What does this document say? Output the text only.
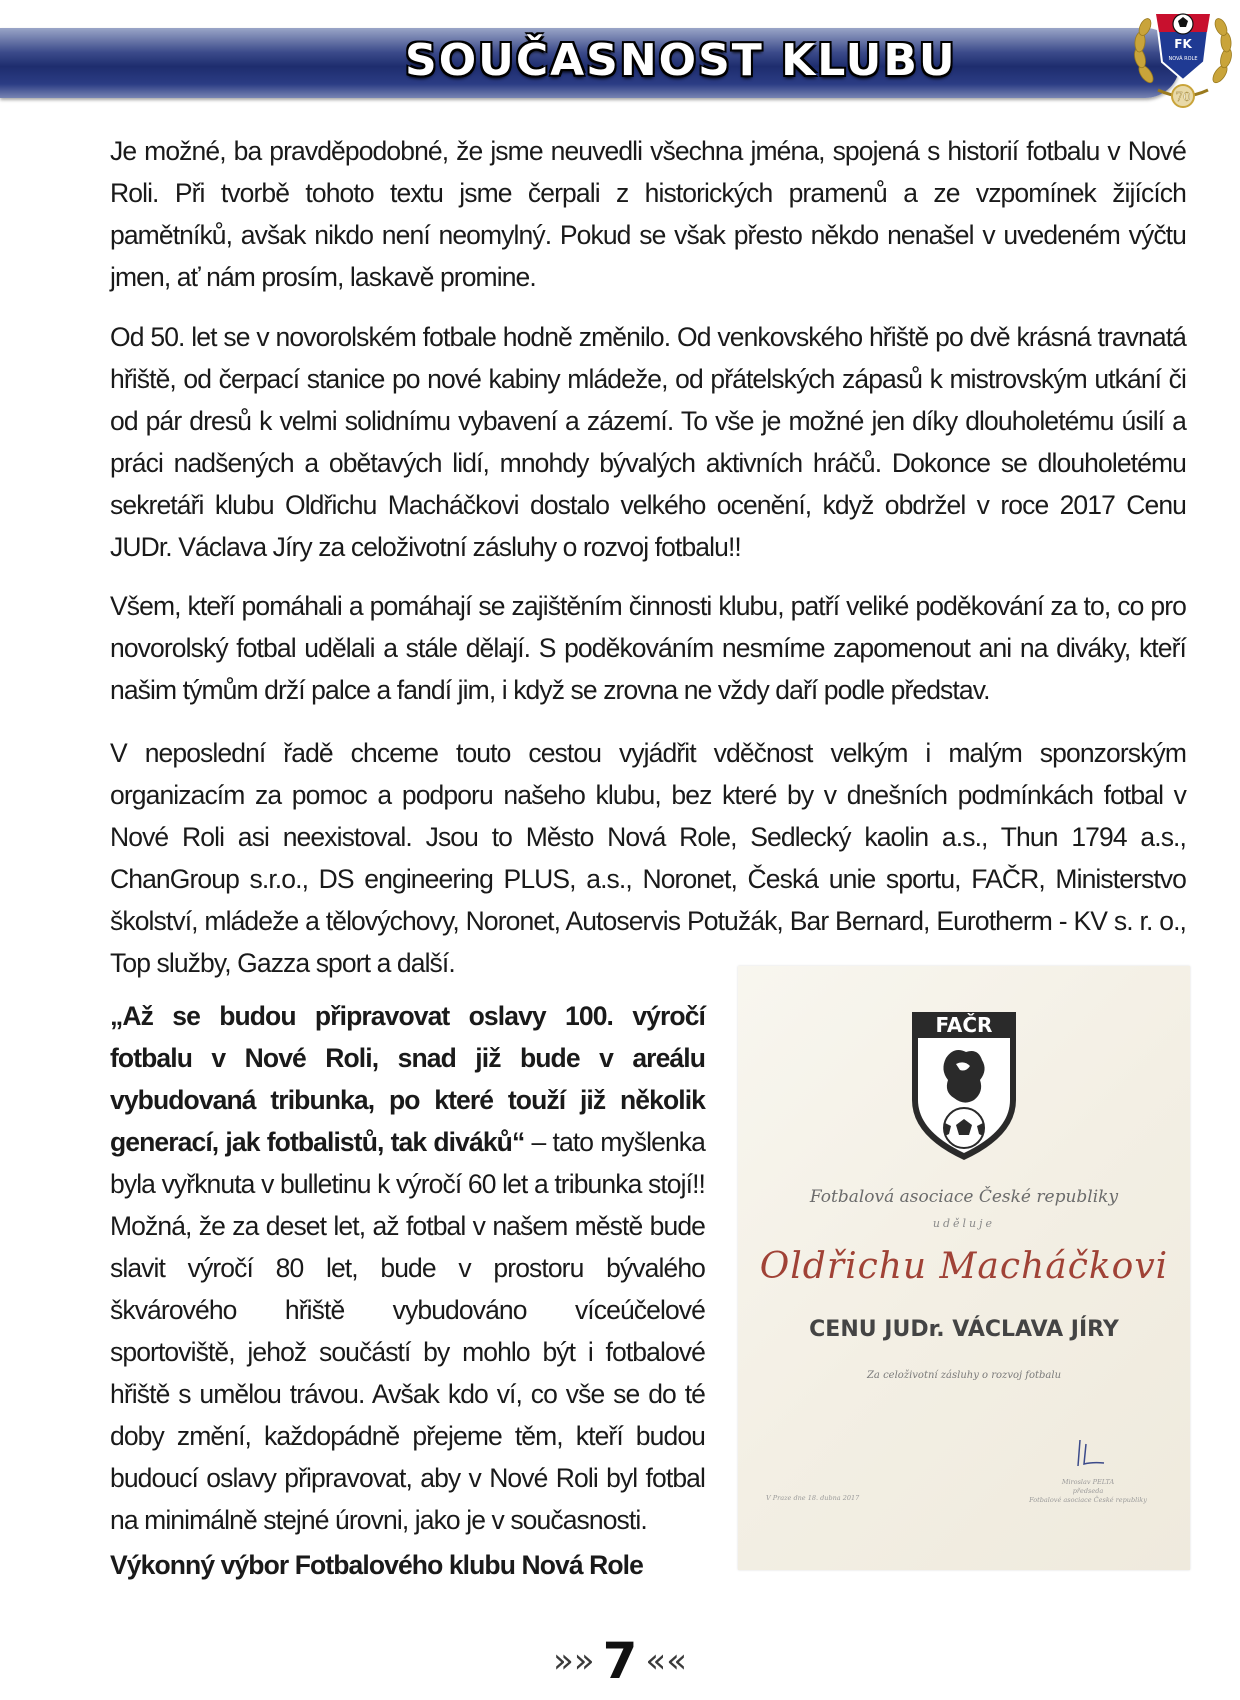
SOUČASNOST KLUBU	FK
NOVÁ ROLE
70

Je možné, ba pravděpodobné, že jsme neuvedli všechna jména, spojená s historií fotbalu v Nové Roli. Při tvorbě tohoto textu jsme čerpali z historických pramenů a ze vzpomínek žijících pamětníků, avšak nikdo není neomylný. Pokud se však přesto někdo nenašel v uvedeném výčtu jmen, ať nám prosím, laskavě promine.

Od 50. let se v novorolském fotbale hodně změnilo. Od venkovského hřiště po dvě krásná travnatá hřiště, od čerpací stanice po nové kabiny mládeže, od přátelských zápasů k mistrovským utkání či od pár dresů k velmi solidnímu vybavení a zázemí. To vše je možné jen díky dlouholetému úsilí a práci nadšených a obětavých lidí, mnohdy bývalých aktivních hráčů. Dokonce se dlouholetému sekretáři klubu Oldřichu Macháčkovi dostalo velkého ocenění, když obdržel v roce 2017 Cenu JUDr. Václava Jíry za celoživotní zásluhy o rozvoj fotbalu!!

Všem, kteří pomáhali a pomáhají se zajištěním činnosti klubu, patří veliké poděkování za to, co pro novorolský fotbal udělali a stále dělají. S poděkováním nesmíme zapomenout ani na diváky, kteří našim týmům drží palce a fandí jim, i když se zrovna ne vždy daří podle představ.

V neposlední řadě chceme touto cestou vyjádřit vděčnost velkým i malým sponzorským organizacím za pomoc a podporu našeho klubu, bez které by v dnešních podmínkách fotbal v Nové Roli asi neexistoval. Jsou to Město Nová Role, Sedlecký kaolin a.s., Thun 1794 a.s., ChanGroup s.r.o., DS engineering PLUS, a.s., Noronet, Česká unie sportu, FAČR, Ministerstvo školství, mládeže a tělovýchovy, Noronet, Autoservis Potužák, Bar Bernard, Eurotherm - KV s. r. o., Top služby, Gazza sport a další.

„Až se budou připravovat oslavy 100. výročí fotbalu v Nové Roli, snad již bude v areálu vybudovaná tribunka, po které touží již několik generací, jak fotbalistů, tak diváků“ – tato myšlenka byla vyřknuta v bulletinu k výročí 60 let a tribunka stojí!! Možná, že za deset let, až fotbal v našem městě bude slavit výročí 80 let, bude v prostoru bývalého škvárového hřiště vybudováno víceúčelové sportoviště, jehož součástí by mohlo být i fotbalové hřiště s umělou trávou. Avšak kdo ví, co vše se do té doby změní, každopádně přejeme těm, kteří budou budoucí oslavy připravovat, aby v Nové Roli byl fotbal na minimálně stejné úrovni, jako je v současnosti.

Výkonný výbor Fotbalového klubu Nová Role

FAČR
Fotbalová asociace České republiky
uděluje
Oldřichu Macháčkovi
CENU JUDr. VÁCLAVA JÍRY
Za celoživotní zásluhy o rozvoj fotbalu
V Praze dne 18. dubna 2017
Miroslav PELTA
předseda
Fotbalové asociace České republiky
»» 7 ««
